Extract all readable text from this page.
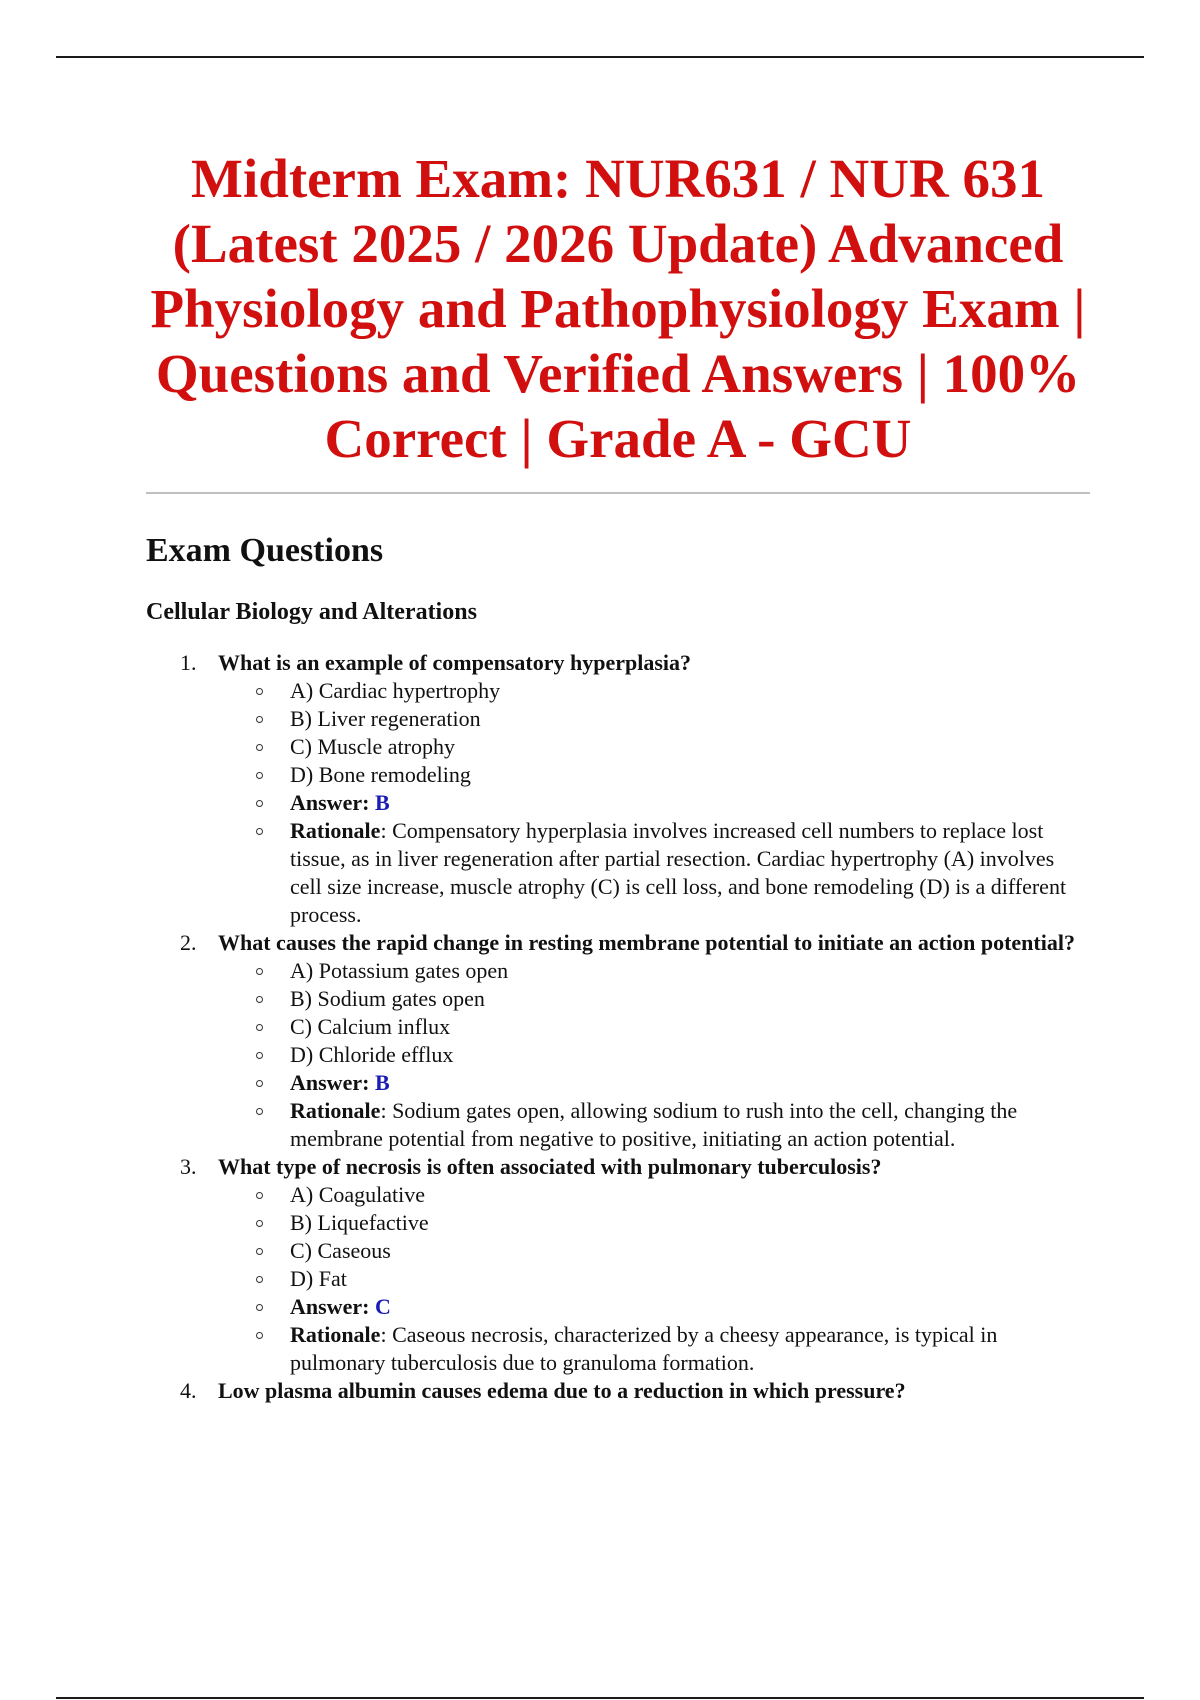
Midterm Exam: NUR631 / NUR 631 (Latest 2025 / 2026 Update) Advanced Physiology and Pathophysiology Exam | Questions and Verified Answers | 100% Correct | Grade A - GCU
Exam Questions
Cellular Biology and Alterations
1. What is an example of compensatory hyperplasia?
A) Cardiac hypertrophy
B) Liver regeneration
C) Muscle atrophy
D) Bone remodeling
Answer: B
Rationale: Compensatory hyperplasia involves increased cell numbers to replace lost tissue, as in liver regeneration after partial resection. Cardiac hypertrophy (A) involves cell size increase, muscle atrophy (C) is cell loss, and bone remodeling (D) is a different process.
2. What causes the rapid change in resting membrane potential to initiate an action potential?
A) Potassium gates open
B) Sodium gates open
C) Calcium influx
D) Chloride efflux
Answer: B
Rationale: Sodium gates open, allowing sodium to rush into the cell, changing the membrane potential from negative to positive, initiating an action potential.
3. What type of necrosis is often associated with pulmonary tuberculosis?
A) Coagulative
B) Liquefactive
C) Caseous
D) Fat
Answer: C
Rationale: Caseous necrosis, characterized by a cheesy appearance, is typical in pulmonary tuberculosis due to granuloma formation.
4. Low plasma albumin causes edema due to a reduction in which pressure?
